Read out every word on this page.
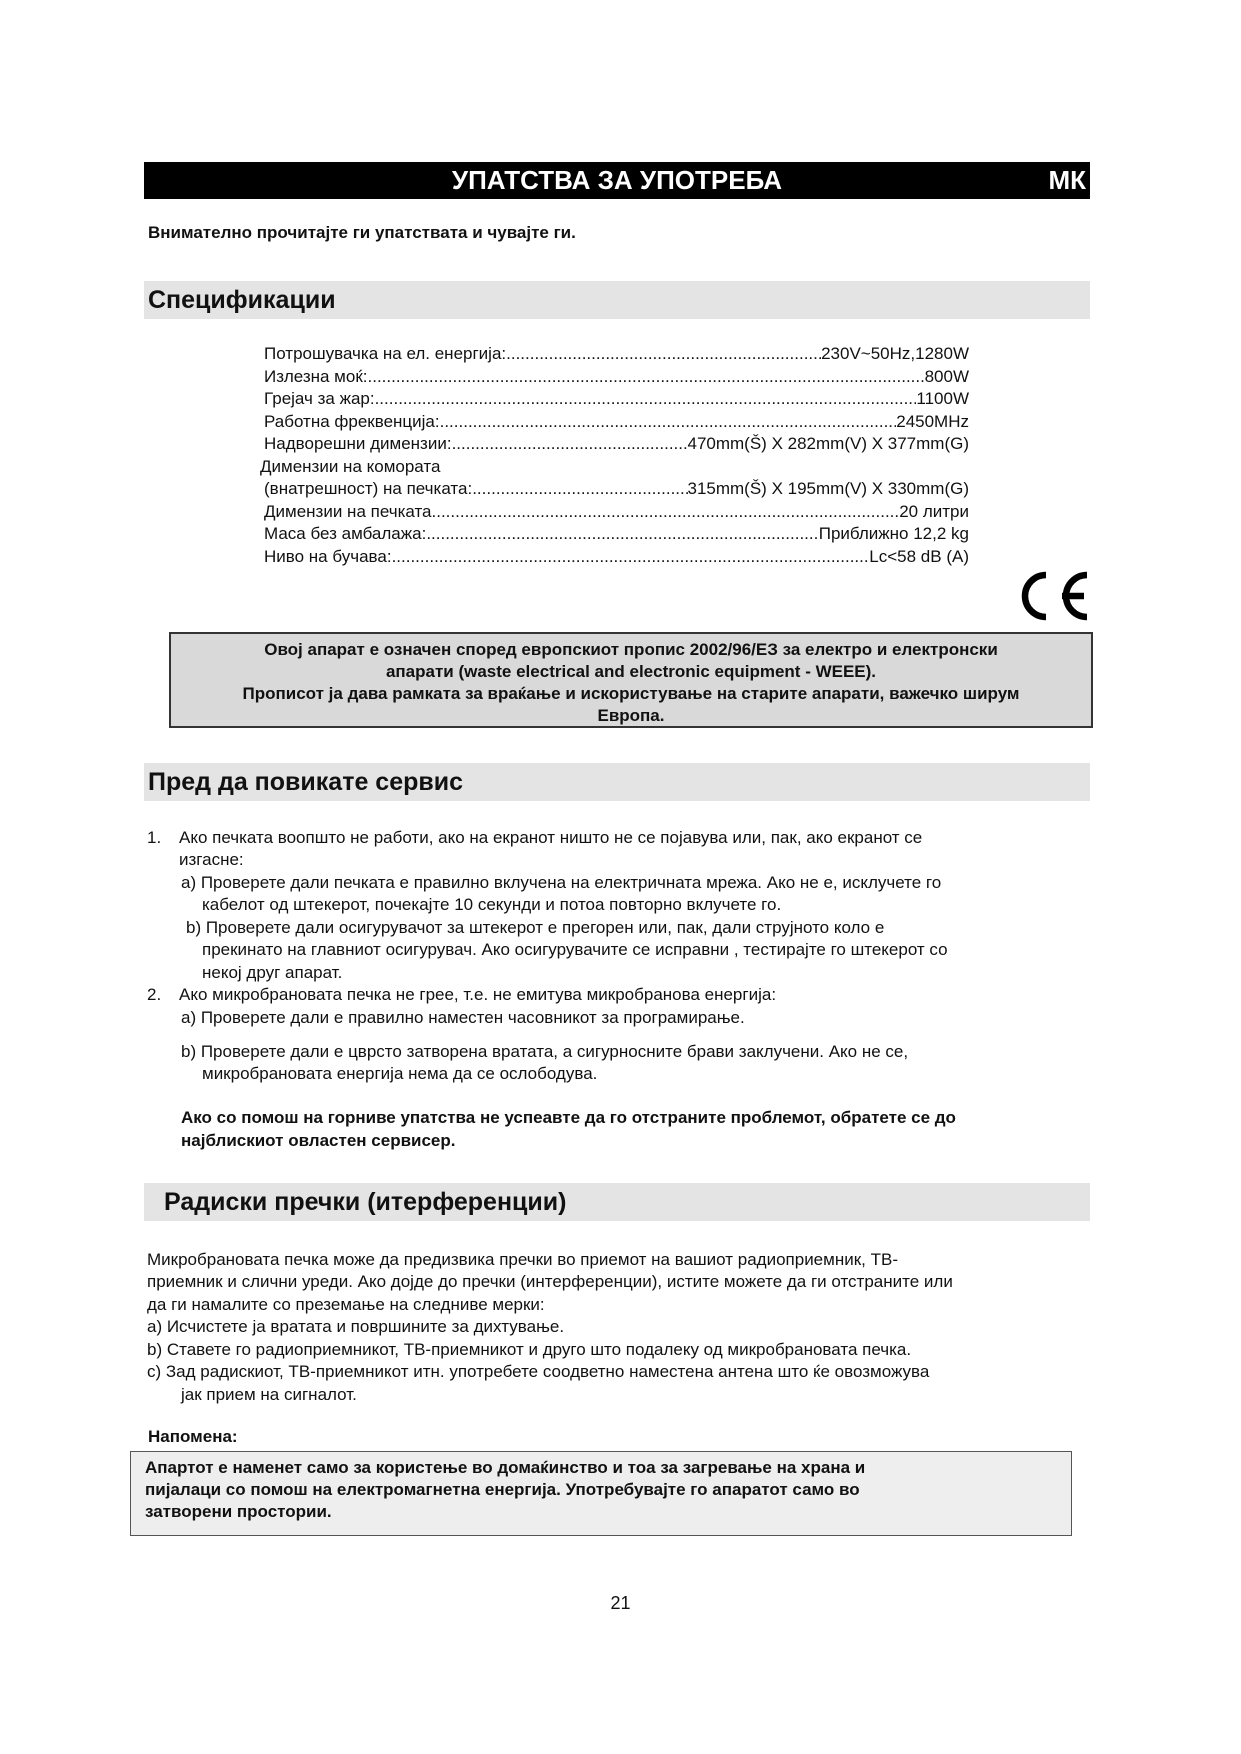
УПАТСТВА ЗА УПОТРЕБА	МК
Внимателно прочитајте ги упатствата и чувајте ги.
Спецификации
Потрошувачка на ел. енергија: .....	230V~50Hz,1280W
Излезна моќ: .....	800W
Грејач за жар: .....	1100W
Работна фреквенција: .....	2450MHz
Надворешни димензии: .....	470mm(Š) X 282mm(V) X 377mm(G)
Димензии на комората
(внатрешност) на печката: .....	315mm(Š) X 195mm(V) X 330mm(G)
Димензии на печката .....	20 литри
Маса без амбалажа: .....	Приближно 12,2 kg
Ниво на бучава: .....	Lc<58 dB (A)
Овој апарат е означен според европскиот пропис 2002/96/ЕЗ за електро и електронски
апарати (waste electrical and electronic equipment - WEEE).
Прописот ја дава рамката за враќање и искористување на старите апарати, важечко ширум
Европа.
Пред да повикате сервис
1. Ако печката воопшто не работи, ако на екранот ништо не се појавува или, пак, ако екранот се
изгасне:
a) Проверете дали печката е правилно вклучена на електричната мрежа. Ако не е, исклучете го
кабелот од штекерот, почекајте 10 секунди и потоа повторно вклучете го.
b) Проверете дали осигурувачот за штекерот е прегорен или, пак, дали струјното коло е
прекинато на главниот осигурувач. Ако осигурувачите се исправни , тестирајте го штекерот со
некој друг апарат.
2. Ако микробрановата печка не грее, т.е. не емитува микробранова енергија:
a) Проверете дали е правилно наместен часовникот за програмирање.
b) Проверете дали е цврсто затворена вратата, а сигурносните брави заклучени. Ако не се,
микробрановата енергија нема да се ослободува.
Ако со помош на горниве упатства не успеавте да го отстраните проблемот, обратете се до
најблискиот овластен сервисер.
Радиски пречки (итерференции)
Микробрановата печка може да предизвика пречки во приемот на вашиот радиоприемник, ТВ-
приемник и слични уреди. Ако дојде до пречки (интерференции), истите можете да ги отстраните или
да ги намалите со преземање на следниве мерки:
a) Исчистете ја вратата и површините за дихтување.
b) Ставете го радиоприемникот, ТВ-приемникот и друго што подалеку од микробрановата печка.
c) Зад радискиот, ТВ-приемникот итн. употребете соодветно наместена антена што ќе овозможува
јак прием на сигналот.
Напомена:
Апартот е наменет само за користење во домаќинство и тоа за загревање на храна и
пијалаци со помош на електромагнетна енергија. Употребувајте го апаратот само во
затворени простории.
21
